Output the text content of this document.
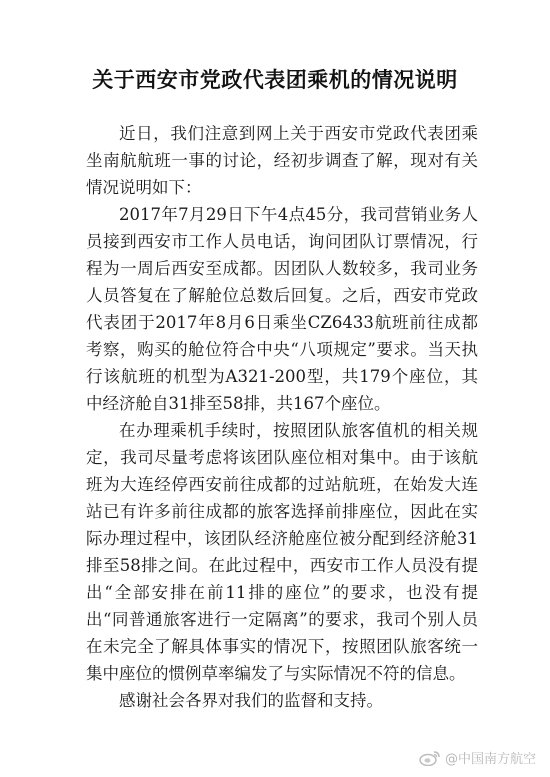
关于西安市党政代表团乘机的情况说明

近日，我们注意到网上关于西安市党政代表团乘坐南航航班一事的讨论，经初步调查了解，现对有关情况说明如下：

2017年7月29日下午4点45分，我司营销业务人员接到西安市工作人员电话，询问团队订票情况，行程为一周后西安至成都。因团队人数较多，我司业务人员答复在了解舱位总数后回复。之后，西安市党政代表团于2017年8月6日乘坐CZ6433航班前往成都考察，购买的舱位符合中央“八项规定”要求。当天执行该航班的机型为A321-200型，共179个座位，其中经济舱自31排至58排，共167个座位。

在办理乘机手续时，按照团队旅客值机的相关规定，我司尽量考虑将该团队座位相对集中。由于该航班为大连经停西安前往成都的过站航班，在始发大连站已有许多前往成都的旅客选择前排座位，因此在实际办理过程中，该团队经济舱座位被分配到经济舱31排至58排之间。在此过程中，西安市工作人员没有提出“全部安排在前11排的座位”的要求，也没有提出“同普通旅客进行一定隔离”的要求，我司个别人员在未完全了解具体事实的情况下，按照团队旅客统一集中座位的惯例草率编发了与实际情况不符的信息。

感谢社会各界对我们的监督和支持。

@中国南方航空
